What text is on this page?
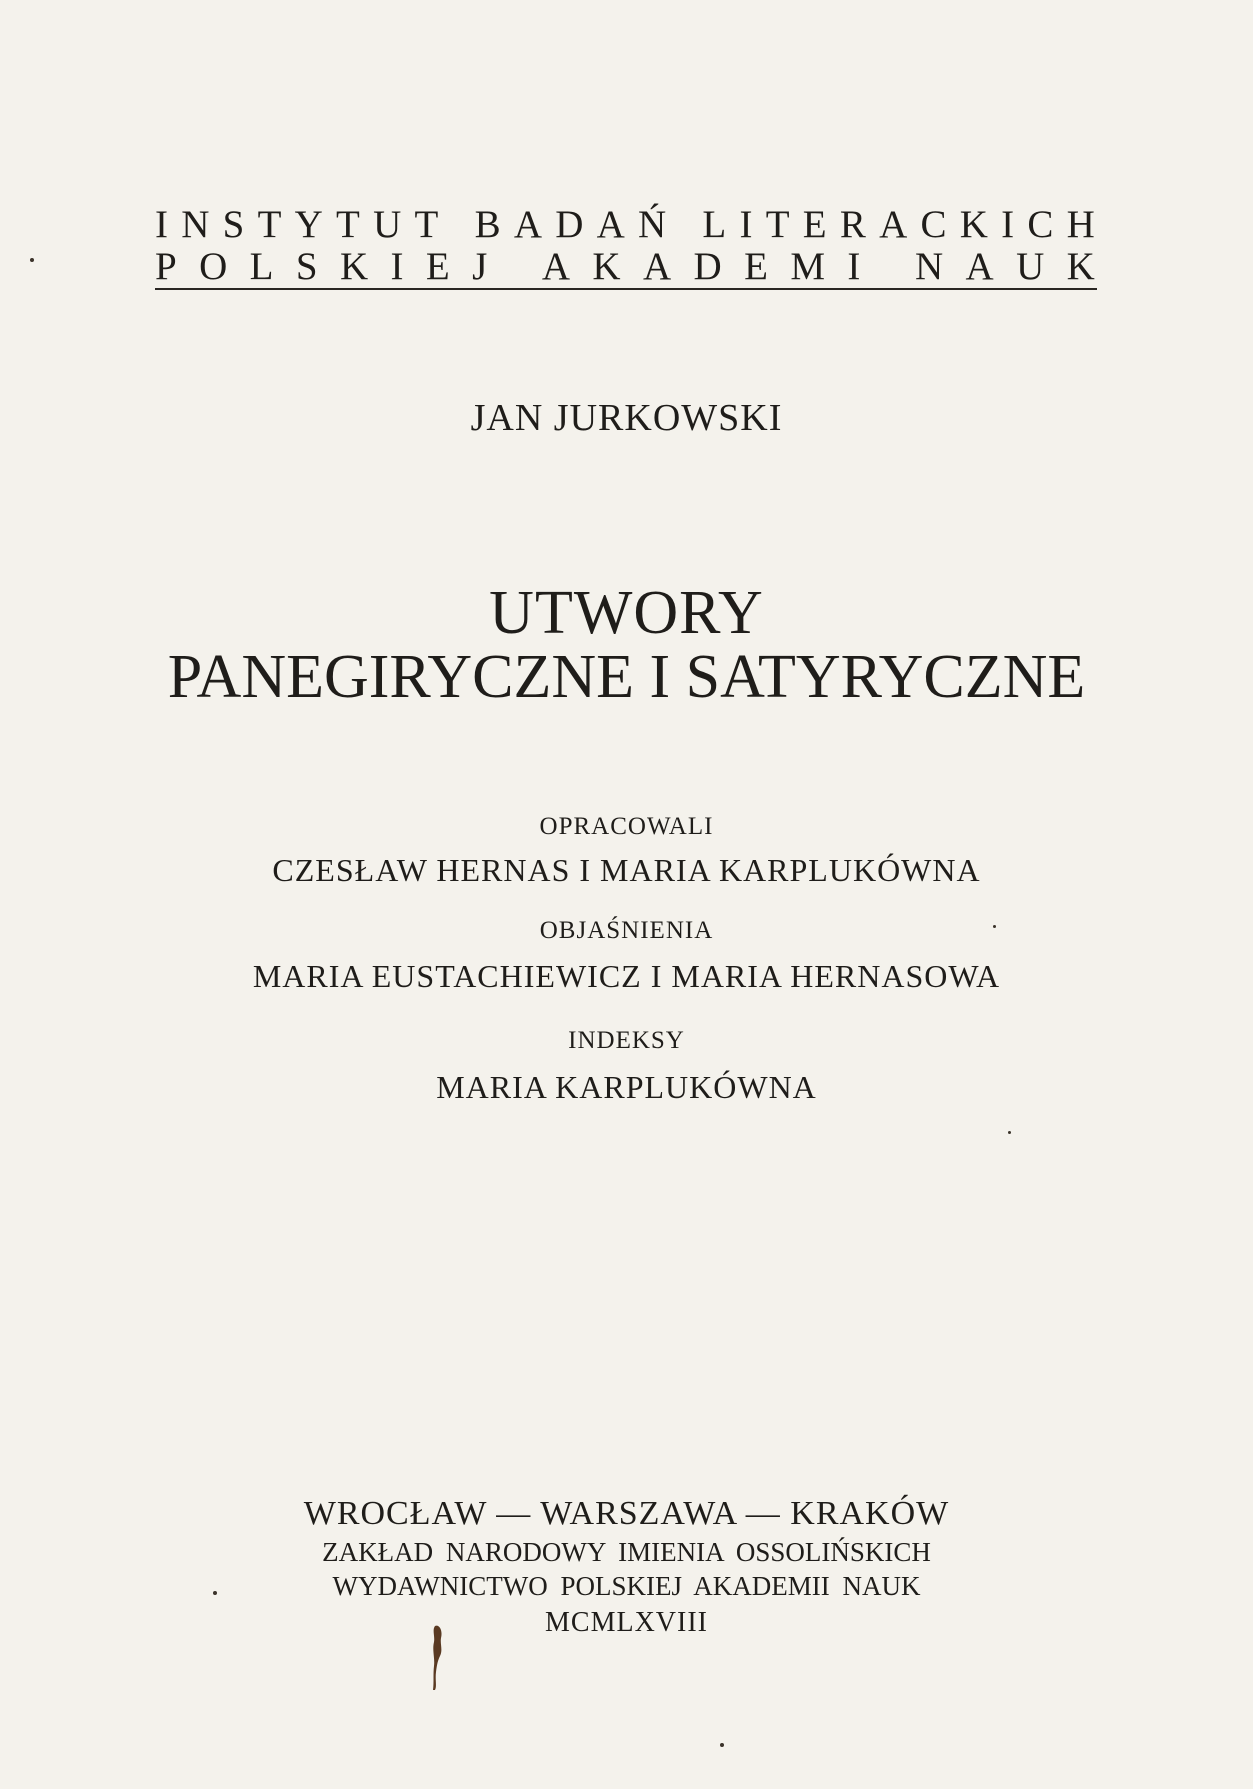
I N S T Y T U T
B A D A Ń
L I T E R A C K I C H
P O L S K I E J
A K A D E M I
N A U K
JAN JURKOWSKI
UTWORY
PANEGIRYCZNE I SATYRYCZNE
OPRACOWALI
CZESŁAW HERNAS I MARIA KARPLUKÓWNA
OBJAŚNIENIA
MARIA EUSTACHIEWICZ I MARIA HERNASOWA
INDEKSY
MARIA KARPLUKÓWNA
WROCŁAW — WARSZAWA — KRAKÓW
ZAKŁAD NARODOWY IMIENIA OSSOLIŃSKICH
WYDAWNICTWO POLSKIEJ AKADEMII NAUK
MCMLXVIII
